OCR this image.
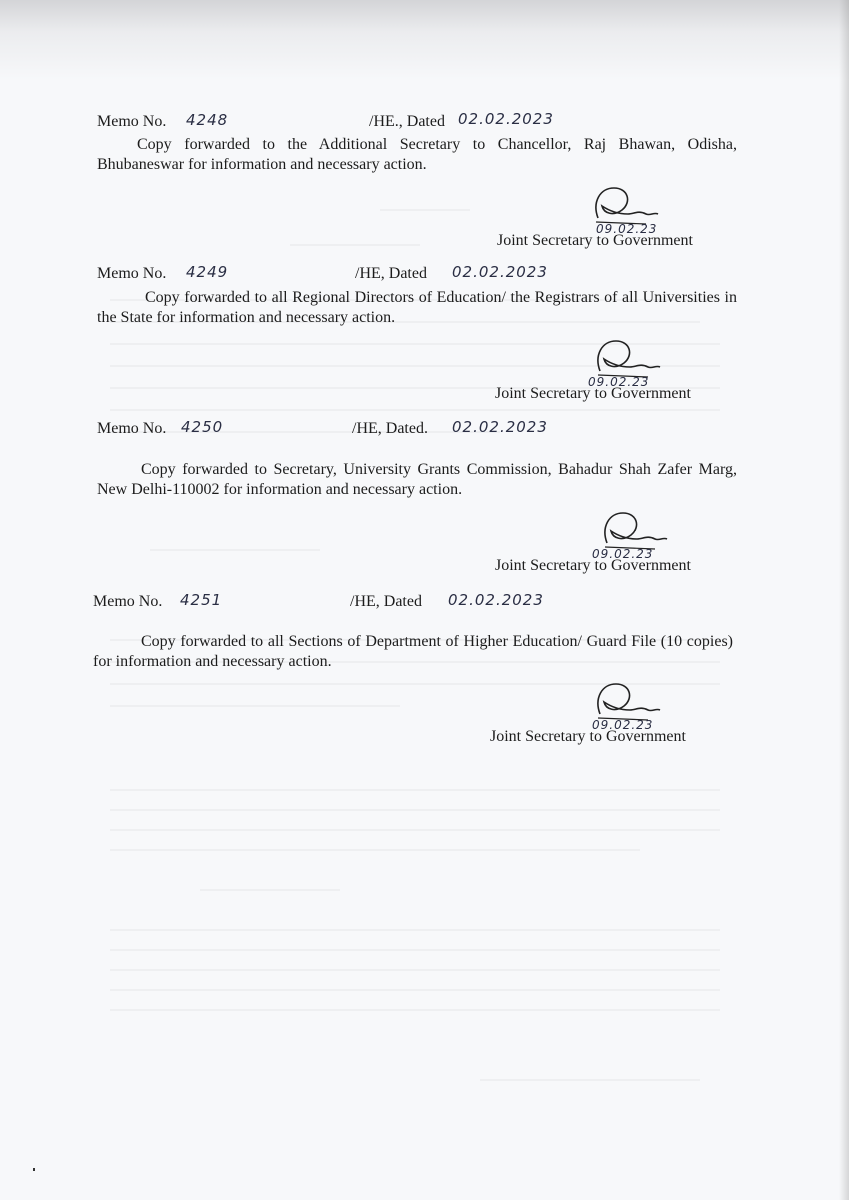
Memo No. 4248	/HE., Dated 02.02.2023
Copy forwarded to the Additional Secretary to Chancellor, Raj Bhawan, Odisha, Bhubaneswar for information and necessary action.
09.02.23
Joint Secretary to Government
Memo No. 4249	/HE, Dated 02.02.2023
Copy forwarded to all Regional Directors of Education/ the Registrars of all Universities in the State for information and necessary action.
09.02.23
Joint Secretary to Government
Memo No. 4250	/HE, Dated. 02.02.2023
Copy forwarded to Secretary, University Grants Commission, Bahadur Shah Zafer Marg, New Delhi-110002 for information and necessary action.
09.02.23
Joint Secretary to Government
Memo No. 4251	/HE, Dated 02.02.2023
Copy forwarded to all Sections of Department of Higher Education/ Guard File (10 copies) for information and necessary action.
09.02.23
Joint Secretary to Government
